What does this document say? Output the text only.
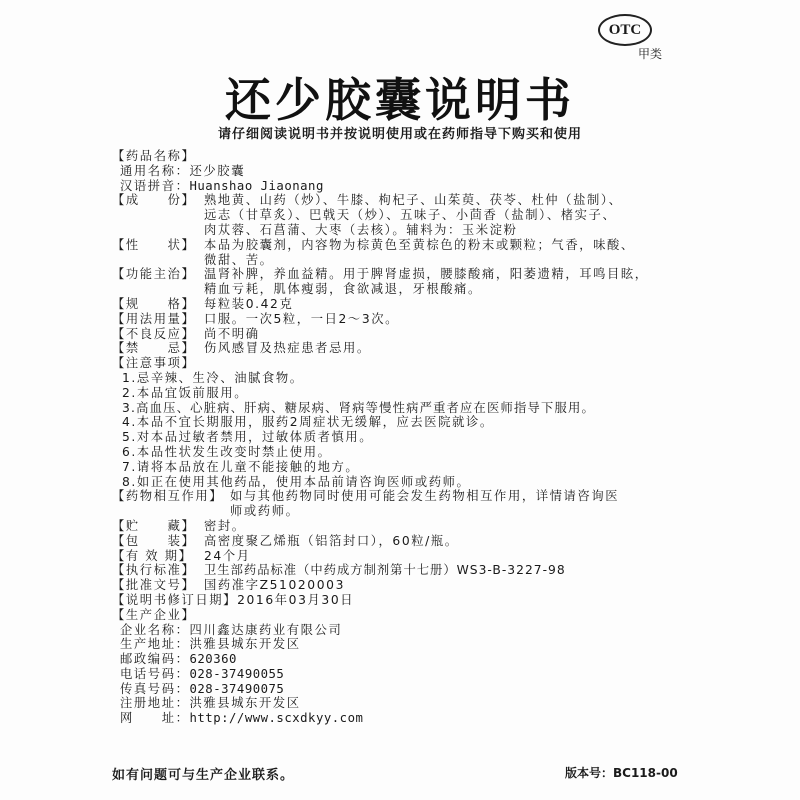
OTC
甲类
还少胶囊说明书
请仔细阅读说明书并按说明使用或在药师指导下购买和使用
【药品名称】
通用名称：还少胶囊
汉语拼音：Huanshao Jiaonang
【成　　份】 熟地黄、山药（炒）、牛膝、枸杞子、山茱萸、茯苓、杜仲（盐制）、
远志（甘草炙）、巴戟天（炒）、五味子、小茴香（盐制）、楮实子、
肉苁蓉、石菖蒲、大枣（去核）。辅料为：玉米淀粉
【性　　状】 本品为胶囊剂，内容物为棕黄色至黄棕色的粉末或颗粒；气香，味酸、
微甜、苦。
【功能主治】 温肾补脾，养血益精。用于脾肾虚损，腰膝酸痛，阳萎遗精，耳鸣目眩，
精血亏耗，肌体瘦弱，食欲减退，牙根酸痛。
【规　　格】 每粒装0.42克
【用法用量】 口服。一次5粒，一日2～3次。
【不良反应】 尚不明确
【禁　　忌】 伤风感冒及热症患者忌用。
【注意事项】
1.忌辛辣、生冷、油腻食物。
2.本品宜饭前服用。
3.高血压、心脏病、肝病、糖尿病、肾病等慢性病严重者应在医师指导下服用。
4.本品不宜长期服用，服药2周症状无缓解，应去医院就诊。
5.对本品过敏者禁用，过敏体质者慎用。
6.本品性状发生改变时禁止使用。
7.请将本品放在儿童不能接触的地方。
8.如正在使用其他药品，使用本品前请咨询医师或药师。
【药物相互作用】 如与其他药物同时使用可能会发生药物相互作用，详情请咨询医
师或药师。
【贮　　藏】 密封。
【包　　装】 高密度聚乙烯瓶（铝箔封口），60粒/瓶。
【有 效 期】 24个月
【执行标准】 卫生部药品标准（中药成方制剂第十七册）WS3-B-3227-98
【批准文号】 国药准字Z51020003
【说明书修订日期】 2016年03月30日
【生产企业】
企业名称：四川鑫达康药业有限公司
生产地址：洪雅县城东开发区
邮政编码：620360
电话号码：028-37490055
传真号码：028-37490075
注册地址：洪雅县城东开发区
网　　址：http://www.scxdkyy.com
如有问题可与生产企业联系。	版本号：BC118-00
